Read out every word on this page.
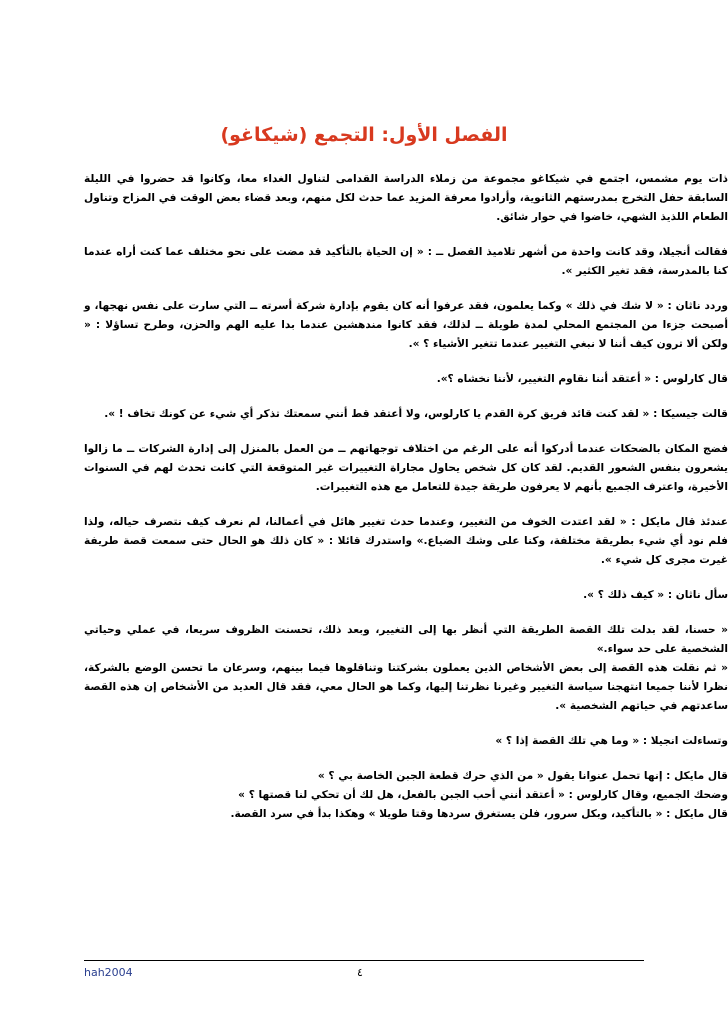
الفصل الأول: التجمع (شيكاغو)

ذات يوم مشمس، اجتمع في شيكاغو مجموعة من زملاء الدراسة القدامى لتناول الغداء معا، وكانوا قد حضروا في الليلة السابقة حفل التخرج بمدرستهم الثانوية، وأرادوا معرفة المزيد عما حدث لكل منهم، وبعد قضاء بعض الوقت في المزاح وتناول الطعام اللذيذ الشهي، خاضوا في حوار شائق.

فقالت أنجيلا، وقد كانت واحدة من أشهر تلاميذ الفصل ــ : « إن الحياة بالتأكيد قد مضت على نحو مختلف عما كنت أراه عندما كنا بالمدرسة، فقد تغير الكثير ».

وردد ناثان : « لا شك في ذلك » وكما يعلمون، فقد عرفوا أنه كان يقوم بإدارة شركة أسرته ــ التي سارت على نفس نهجها، و أصبحت جزءا من المجتمع المحلي لمدة طويلة ــ لذلك، فقد كانوا مندهشين عندما بدا عليه الهم والحزن، وطرح تساؤلا : « ولكن ألا ترون كيف أننا لا نبغي التغيير عندما تتغير الأشياء ؟ ».

قال كارلوس : « أعتقد أننا نقاوم التغيير، لأننا نخشاه ؟».

قالت جيسيكا : « لقد كنت قائد فريق كرة القدم يا كارلوس، ولا أعتقد قط أنني سمعتك تذكر أي شيء عن كونك تخاف ! ».

فضج المكان بالضحكات عندما أدركوا أنه على الرغم من اختلاف توجهاتهم ــ من العمل بالمنزل إلى إدارة الشركات ــ ما زالوا يشعرون بنفس الشعور القديم. لقد كان كل شخص يحاول مجاراة التغييرات غير المتوقعة التي كانت تحدث لهم في السنوات الأخيرة، واعترف الجميع بأنهم لا يعرفون طريقة جيدة للتعامل مع هذه التغييرات.

عندئذ قال مايكل : « لقد اعتدت الخوف من التغيير، وعندما حدث تغيير هائل في أعمالنا، لم نعرف كيف نتصرف حياله، ولذا فلم نود أي شيء بطريقة مختلفة، وكنا على وشك الضياع.» واستدرك قائلا : « كان ذلك هو الحال حتى سمعت قصة طريفة غيرت مجرى كل شيء ».

سأل ناثان : « كيف ذلك ؟ ».

« حسنا، لقد بدلت تلك القصة الطريقة التي أنظر بها إلى التغيير، وبعد ذلك، تحسنت الظروف سريعا، في عملي وحياتي الشخصية على حد سواء.»

« ثم نقلت هذه القصة إلى بعض الأشخاص الذين يعملون بشركتنا وتناقلوها فيما بينهم، وسرعان ما تحسن الوضع بالشركة، نظرا لأننا جميعا انتهجنا سياسة التغيير وغيرنا نظرتنا إليها، وكما هو الحال معي، فقد قال العديد من الأشخاص إن هذه القصة ساعدتهم في حياتهم الشخصية ».

وتساءلت انجيلا : « وما هي تلك القصة إذا ؟ »

قال مايكل : إنها تحمل عنوانا يقول « من الذي حرك قطعة الجبن الخاصة بي ؟ »

وضحك الجميع، وقال كارلوس : « أعتقد أنني أحب الجبن بالفعل، هل لك أن تحكي لنا قصتها ؟ »

قال مايكل : « بالتأكيد، وبكل سرور، فلن يستغرق سردها وقتا طويلا » وهكذا بدأ في سرد القصة.

hah2004	٤
